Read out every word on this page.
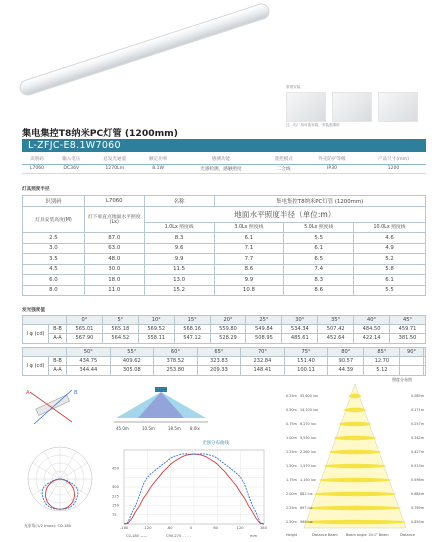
常规安装
注：出厂均可选安装，安装需要时
集电集控T8纳米PC灯管 (1200mm)
L-ZFJC-E8.1W7060
识别码	输入电压	总发光通量	额定功率	感测功能	遥控模式	外壳防护等级	产品尺寸(mm)
L7060	DC36V	1270Lm	8.1W	光感检测，感触照度	二合线	IP30	1200
灯具照度半径
识别码	L7060	名称	集电集控T8纳米PC灯管 (1200mm)		
灯具安装高度(M)	灯下垂直点地面水平照度(Lx)	地面水平照度半径（单位:m）			
		1.0Lx 照度线	3.0Lx 照度线	5.0Lx 照度线	10.0Lx 照度线
2.5	87.0	8.3	6.1	5.5	4.6
3.0	63.0	9.6	7.1	6.1	4.9
3.5	48.0	9.9	7.7	6.5	5.2
4.5	30.0	11.5	8.6	7.4	5.8
6.0	18.0	13.0	9.9	8.3	6.1
8.0	11.0	15.2	10.8	8.6	5.5
发光强度值
		0°	5°	10°	15°	20°	25°	30°	35°	40°	45°
I φ (cd)	B-B	565.01	565.18	569.52	568.16	559.80	549.84	534.34	507.42	484.50	459.71
	A-A	567.90	564.52	558.11	547.12	528.29	508.95	485.61	452.64	422.14	381.50
		50°	55°	60°	65°	70°	75°	80°	85°	90°	
I φ (cd)	B-B	434.75	409.62	378.52	323.83	232.84	151.40	90.57	12.70		
	A-A	344.44	305.08	253.80	209.33	148.41	100.11	44.39	5.12		
45.0m	10.5m	18.5m 8.0lx
A	B
光束角(1/2 Imax): C0-180
光强分布曲线
450
300
225
150
75
-180	-120	-60	0	60	120	180
C0-180 ——	C90-270 - - - -	mm
照度分布图
0.25m 55,600 lux	0.085m
0.50m 14,100 lux	0.171m
0.75m 6,270 lux	0.257m
1.00m 3,530 lux	0.342m
1.25m 2,260 lux	0.427m
1.50m 1,570 lux	0.513m
1.75m 1,150 lux	0.598m
2.00m 882 lux	0.684m
2.25m 697 lux	0.769m
2.50m 565 lux	0.855m
Height	Distance Beam Beam angle: 24.1° Beam	Distance
